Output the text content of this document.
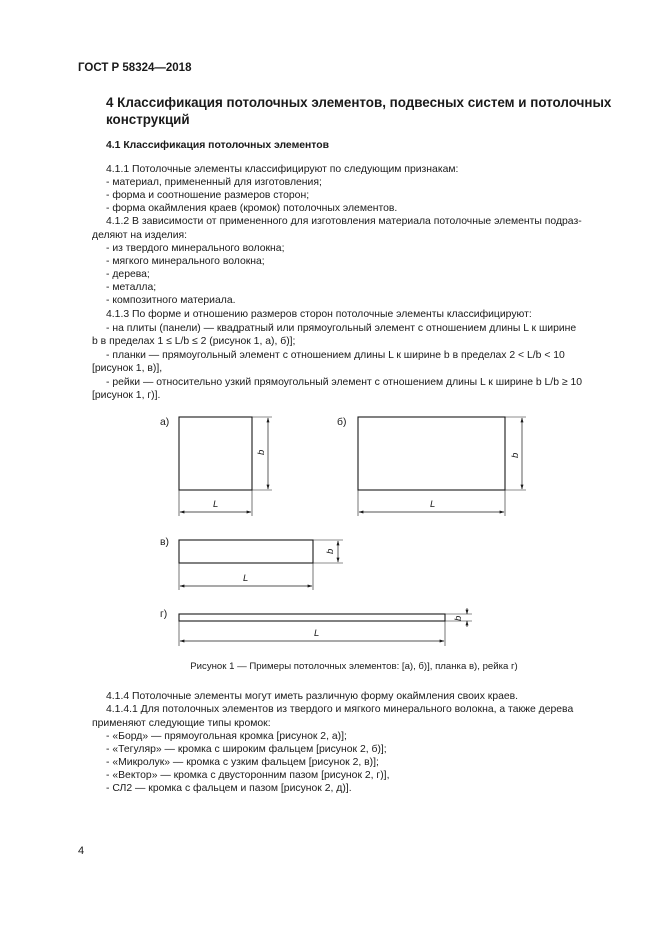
ГОСТ Р 58324—2018
4 Классификация потолочных элементов, подвесных систем и потолочных конструкций
4.1 Классификация потолочных элементов
4.1.1 Потолочные элементы классифицируют по следующим признакам:
- материал, примененный для изготовления;
- форма и соотношение размеров сторон;
- форма окаймления краев (кромок) потолочных элементов.
4.1.2 В зависимости от примененного для изготовления материала потолочные элементы подраз-
деляют на изделия:
- из твердого минерального волокна;
- мягкого минерального волокна;
- дерева;
- металла;
- композитного материала.
4.1.3 По форме и отношению размеров сторон потолочные элементы классифицируют:
- на плиты (панели) — квадратный или прямоугольный элемент с отношением длины L к ширине
b в пределах 1 ≤ L/b ≤ 2 (рисунок 1, а), б)];
- планки — прямоугольный элемент с отношением длины L к ширине b в пределах 2 < L/b < 10
[рисунок 1, в)],
- рейки — относительно узкий прямоугольный элемент с отношением длины L к ширине b L/b ≥ 10
[рисунок 1, г)].
а)	б)
в)
г)
b
L
b
L
b
L
b
L
Рисунок 1 — Примеры потолочных элементов: [а), б)], планка в), рейка г)
4.1.4 Потолочные элементы могут иметь различную форму окаймления своих краев.
4.1.4.1 Для потолочных элементов из твердого и мягкого минерального волокна, а также дерева
применяют следующие типы кромок:
- «Борд» — прямоугольная кромка [рисунок 2, а)];
- «Тегуляр» — кромка с широким фальцем [рисунок 2, б)];
- «Микролук» — кромка с узким фальцем [рисунок 2, в)];
- «Вектор» — кромка с двусторонним пазом [рисунок 2, г)],
- СЛ2 — кромка с фальцем и пазом [рисунок 2, д)].
4
